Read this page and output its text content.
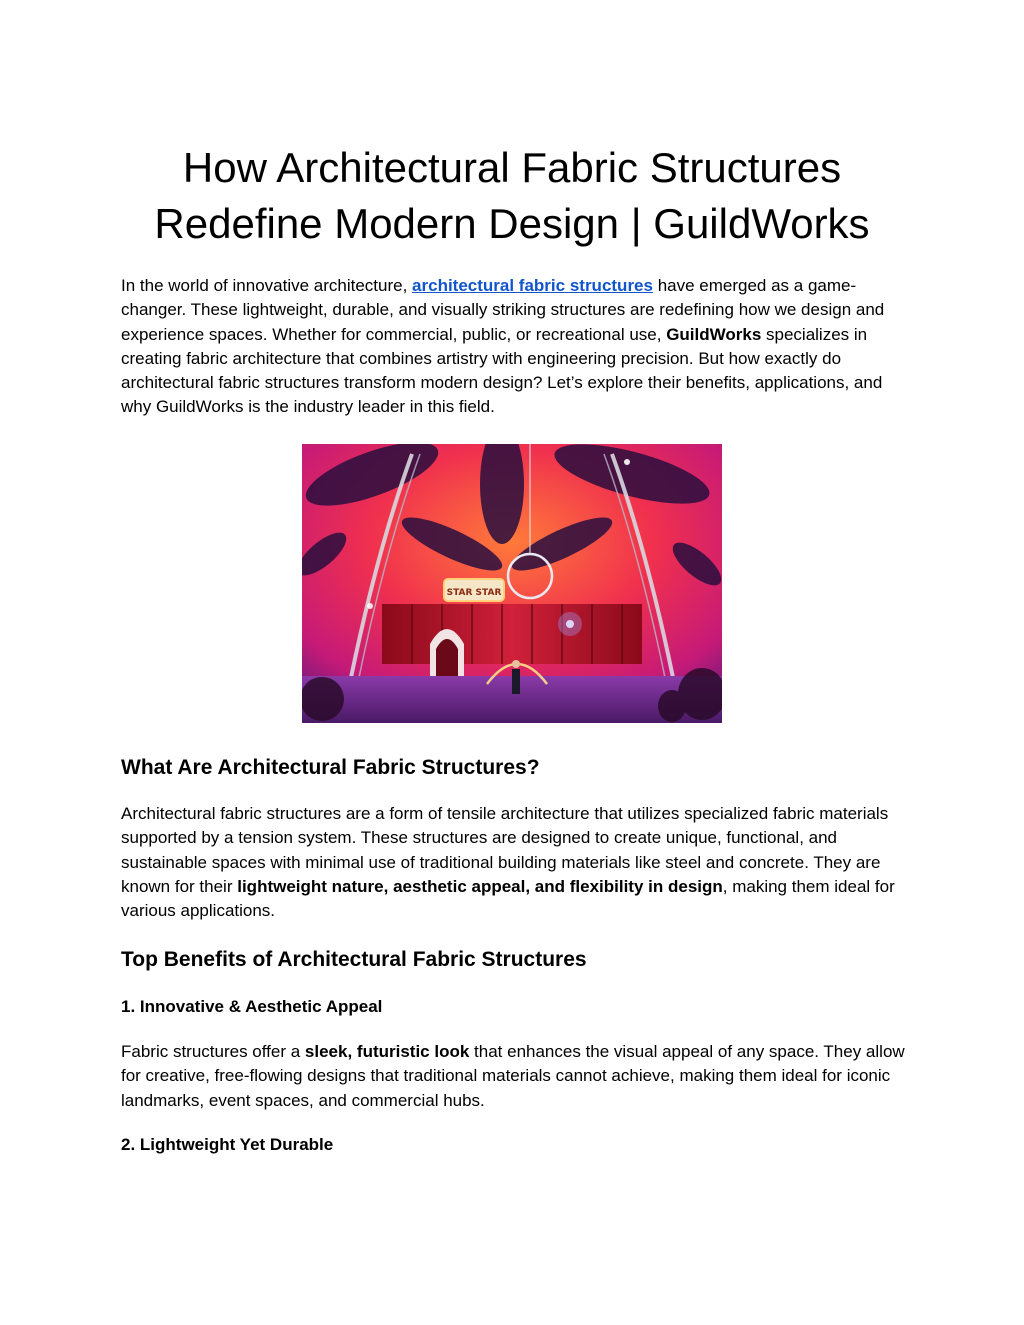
How Architectural Fabric Structures
Redefine Modern Design | GuildWorks

In the world of innovative architecture, architectural fabric structures have emerged as a game-changer. These lightweight, durable, and visually striking structures are redefining how we design and experience spaces. Whether for commercial, public, or recreational use, GuildWorks specializes in creating fabric architecture that combines artistry with engineering precision. But how exactly do architectural fabric structures transform modern design? Let’s explore their benefits, applications, and why GuildWorks is the industry leader in this field.

STAR STAR
What Are Architectural Fabric Structures?

Architectural fabric structures are a form of tensile architecture that utilizes specialized fabric materials supported by a tension system. These structures are designed to create unique, functional, and sustainable spaces with minimal use of traditional building materials like steel and concrete. They are known for their lightweight nature, aesthetic appeal, and flexibility in design, making them ideal for various applications.

Top Benefits of Architectural Fabric Structures
1. Innovative & Aesthetic Appeal

Fabric structures offer a sleek, futuristic look that enhances the visual appeal of any space. They allow for creative, free-flowing designs that traditional materials cannot achieve, making them ideal for iconic landmarks, event spaces, and commercial hubs.

2. Lightweight Yet Durable
